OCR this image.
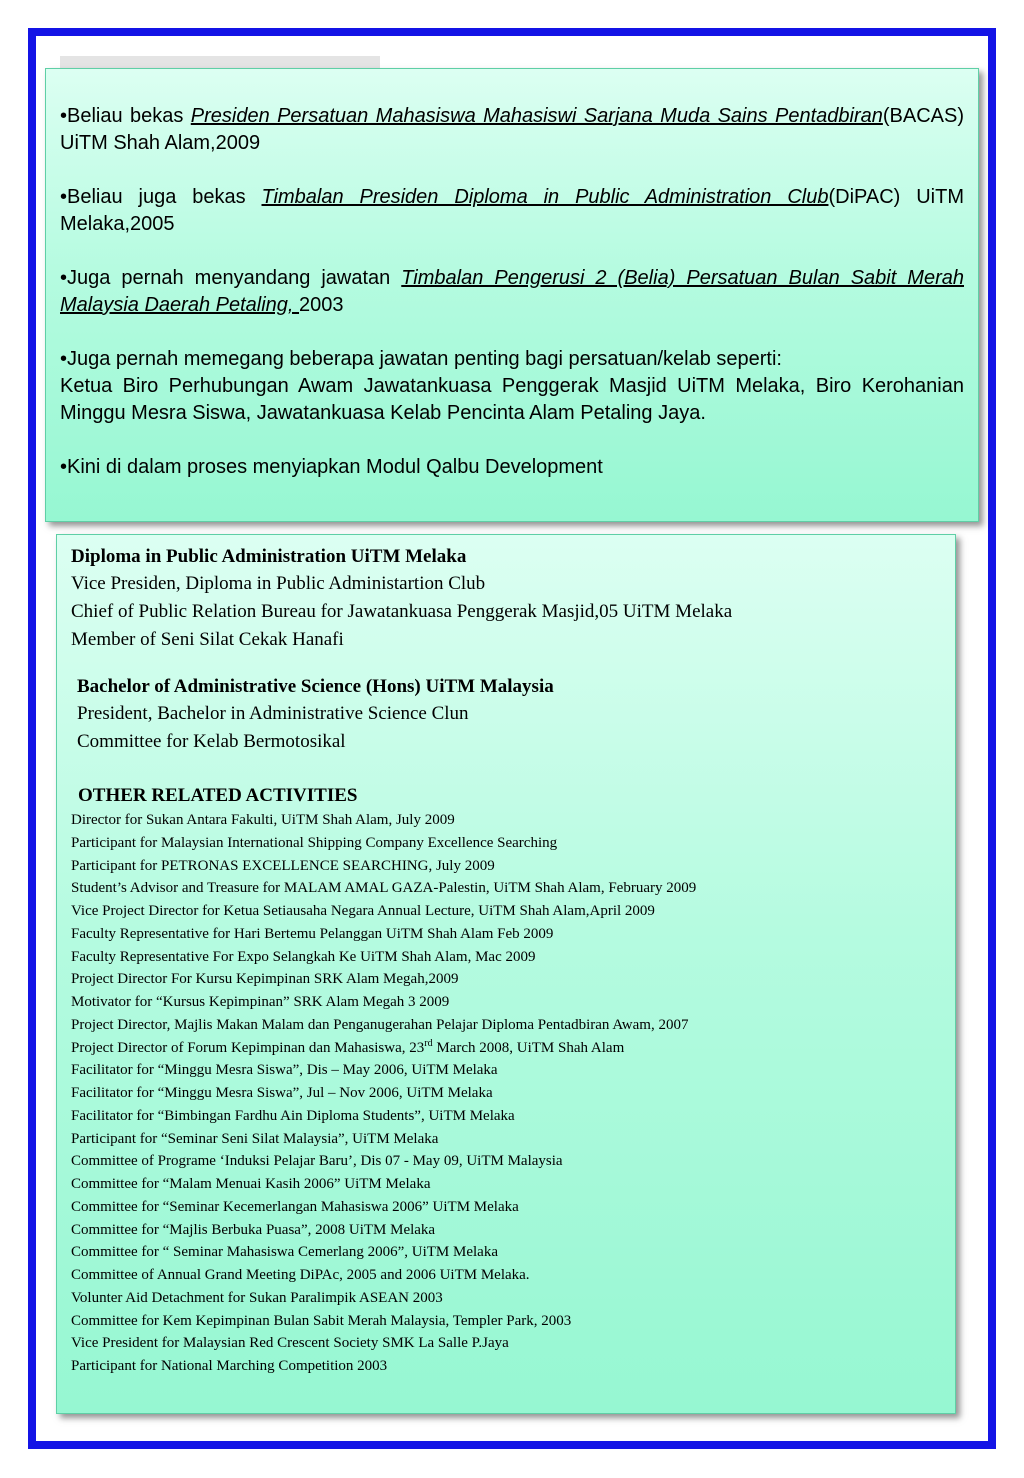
•Beliau bekas Presiden Persatuan Mahasiswa Mahasiswi Sarjana Muda Sains Pentadbiran(BACAS) UiTM Shah Alam,2009

•Beliau juga bekas Timbalan Presiden Diploma in Public Administration Club(DiPAC) UiTM Melaka,2005

•Juga pernah menyandang jawatan Timbalan Pengerusi 2 (Belia) Persatuan Bulan Sabit Merah Malaysia Daerah Petaling, 2003

•Juga pernah memegang beberapa jawatan penting bagi persatuan/kelab seperti:
Ketua Biro Perhubungan Awam Jawatankuasa Penggerak Masjid UiTM Melaka, Biro Kerohanian Minggu Mesra Siswa, Jawatankuasa Kelab Pencinta Alam Petaling Jaya.

•Kini di dalam proses menyiapkan Modul Qalbu Development

Diploma in Public Administration UiTM Melaka
Vice Presiden, Diploma in Public Administartion Club
Chief of Public Relation Bureau for Jawatankuasa Penggerak Masjid,05 UiTM Melaka
Member of Seni Silat Cekak Hanafi
Bachelor of Administrative Science (Hons) UiTM Malaysia
President, Bachelor in Administrative Science Clun
Committee for Kelab Bermotosikal
OTHER RELATED ACTIVITIES
Director for Sukan Antara Fakulti, UiTM Shah Alam, July 2009
Participant for Malaysian International Shipping Company Excellence Searching
Participant for PETRONAS EXCELLENCE SEARCHING, July 2009
Student’s Advisor and Treasure for MALAM AMAL GAZA-Palestin, UiTM Shah Alam, February 2009
Vice Project Director for Ketua Setiausaha Negara Annual Lecture, UiTM Shah Alam,April 2009
Faculty Representative for Hari Bertemu Pelanggan UiTM Shah Alam Feb 2009
Faculty Representative For Expo Selangkah Ke UiTM Shah Alam, Mac 2009
Project Director For Kursu Kepimpinan SRK Alam Megah,2009
Motivator for “Kursus Kepimpinan” SRK Alam Megah 3 2009
Project Director, Majlis Makan Malam dan Penganugerahan Pelajar Diploma Pentadbiran Awam, 2007
Project Director of Forum Kepimpinan dan Mahasiswa, 23rd March 2008, UiTM Shah Alam
Facilitator for “Minggu Mesra Siswa”, Dis – May 2006, UiTM Melaka
Facilitator for “Minggu Mesra Siswa”, Jul – Nov 2006, UiTM Melaka
Facilitator for “Bimbingan Fardhu Ain Diploma Students”, UiTM Melaka
Participant for “Seminar Seni Silat Malaysia”, UiTM Melaka
Committee of Programe ‘Induksi Pelajar Baru’, Dis 07 - May 09, UiTM Malaysia
Committee for “Malam Menuai Kasih 2006” UiTM Melaka
Committee for “Seminar Kecemerlangan Mahasiswa 2006” UiTM Melaka
Committee for “Majlis Berbuka Puasa”, 2008 UiTM Melaka
Committee for “ Seminar Mahasiswa Cemerlang 2006”, UiTM Melaka
Committee of Annual Grand Meeting DiPAc, 2005 and 2006 UiTM Melaka.
Volunter Aid Detachment for Sukan Paralimpik ASEAN 2003
Committee for Kem Kepimpinan Bulan Sabit Merah Malaysia, Templer Park, 2003
Vice President for Malaysian Red Crescent Society SMK La Salle P.Jaya
Participant for National Marching Competition 2003
